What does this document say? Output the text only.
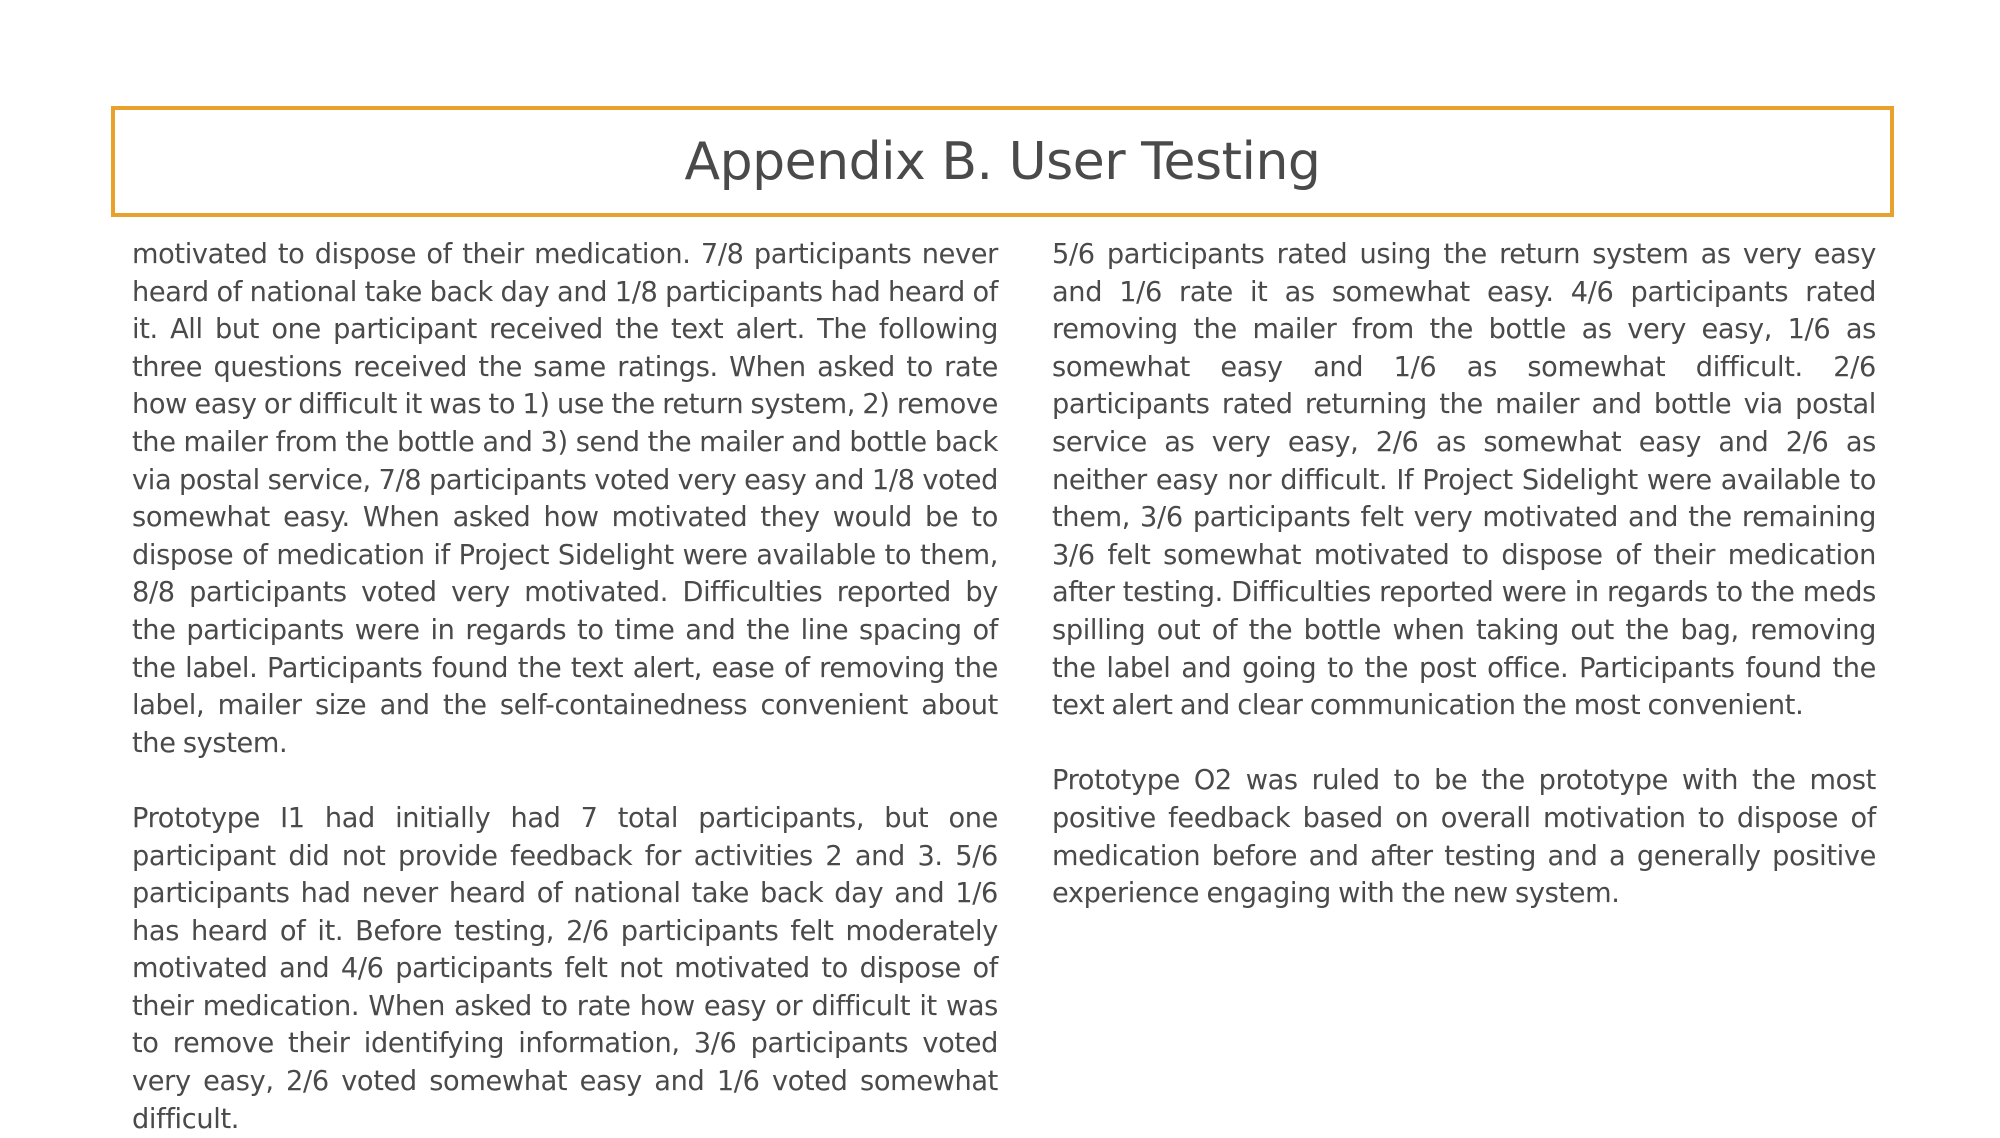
Appendix B. User Testing

motivated to dispose of their medication. 7/8 participants never heard of national take back day and 1/8 participants had heard of it. All but one participant received the text alert. The following three questions received the same ratings. When asked to rate how easy or difficult it was to 1) use the return system, 2) remove the mailer from the bottle and 3) send the mailer and bottle back via postal service, 7/8 participants voted very easy and 1/8 voted somewhat easy. When asked how motivated they would be to dispose of medication if Project Sidelight were available to them, 8/8 participants voted very motivated. Difficulties reported by the participants were in regards to time and the line spacing of the label. Participants found the text alert, ease of removing the label, mailer size and the self-containedness convenient about the system.

Prototype I1 had initially had 7 total participants, but one participant did not provide feedback for activities 2 and 3. 5/6 participants had never heard of national take back day and 1/6 has heard of it. Before testing, 2/6 participants felt moderately motivated and 4/6 participants felt not motivated to dispose of their medication. When asked to rate how easy or difficult it was to remove their identifying information, 3/6 participants voted very easy, 2/6 voted somewhat easy and 1/6 voted somewhat difficult.

5/6 participants rated using the return system as very easy and 1/6 rate it as somewhat easy. 4/6 participants rated removing the mailer from the bottle as very easy, 1/6 as somewhat easy and 1/6 as somewhat difficult. 2/6 participants rated returning the mailer and bottle via postal service as very easy, 2/6 as somewhat easy and 2/6 as neither easy nor difficult. If Project Sidelight were available to them, 3/6 participants felt very motivated and the remaining 3/6 felt somewhat motivated to dispose of their medication after testing. Difficulties reported were in regards to the meds spilling out of the bottle when taking out the bag, removing the label and going to the post office. Participants found the text alert and clear communication the most convenient.

Prototype O2 was ruled to be the prototype with the most positive feedback based on overall motivation to dispose of medication before and after testing and a generally positive experience engaging with the new system.
